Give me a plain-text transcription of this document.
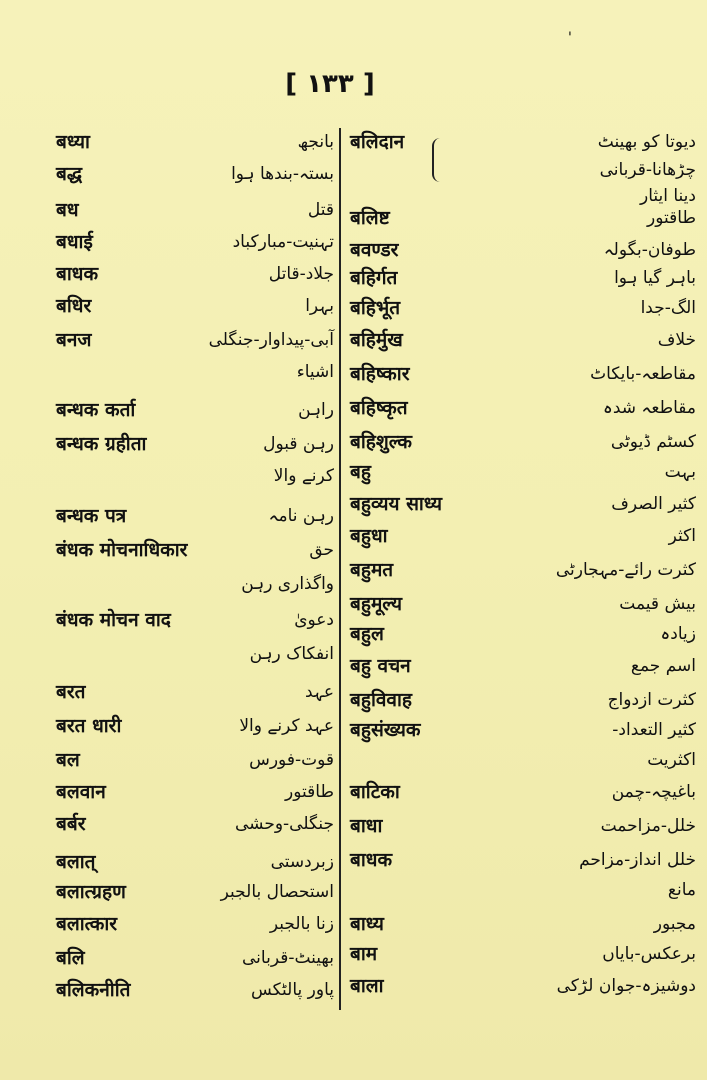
'
[ ١٣٣ ]
बध्या	بانجھ
बद्ध	بستہ-بندھا ہوا
बध	قتل
बधाई	تہنیت-مبارکباد
बाधक	جلاد-قاتل
बधिर	بہرا
बनज	آبی-پیداوار-جنگلی
اشیاء
बन्धक कर्ता	راہن
बन्धक ग्रहीता	رہن قبول
کرنے والا
बन्धक पत्र	رہن نامہ
बंधक मोचनाधिकार	حق
واگذاری رہن
बंधक मोचन वाद	دعویٰ
انفکاک رہن
बरत	عہد
बरत धारी	عہد کرنے والا
बल	قوت-فورس
बलवान	طاقتور
बर्बर	جنگلی-وحشی
बलात्	زبردستی
बलात्ग्रहण	استحصال بالجبر
बलात्कार	زنا بالجبر
बलि	بھینٹ-قربانی
बलिकनीति	پاور پالٹکس
बलिदान	دیوتا کو بھینٹ
چڑھانا-قربانی
دینا ایثار
बलिष्ट	طاقتور
बवण्डर	طوفان-بگولہ
बहिर्गत	باہر گیا ہوا
बहिर्भूत	الگ-جدا
बहिर्मुख	خلاف
बहिष्कार	مقاطعہ-بایکاٹ
बहिष्कृत	مقاطعہ شدہ
बहिशुल्क	کسٹم ڈیوٹی
बहु	بہت
बहुव्यय साध्य	کثیر الصرف
बहुधा	اکثر
बहुमत	کثرت رائے-مہجارٹی
बहुमूल्य	بیش قیمت
बहुल	زیادہ
बहु वचन	اسم جمع
बहुविवाह	کثرت ازدواج
बहुसंख्यक	کثیر التعداد-
اکثریت
बाटिका	باغیچہ-چمن
बाधा	خلل-مزاحمت
बाधक	خلل انداز-مزاحم
مانع
बाध्य	مجبور
बाम	برعکس-بایاں
बाला	دوشیزہ-جوان لڑکی
